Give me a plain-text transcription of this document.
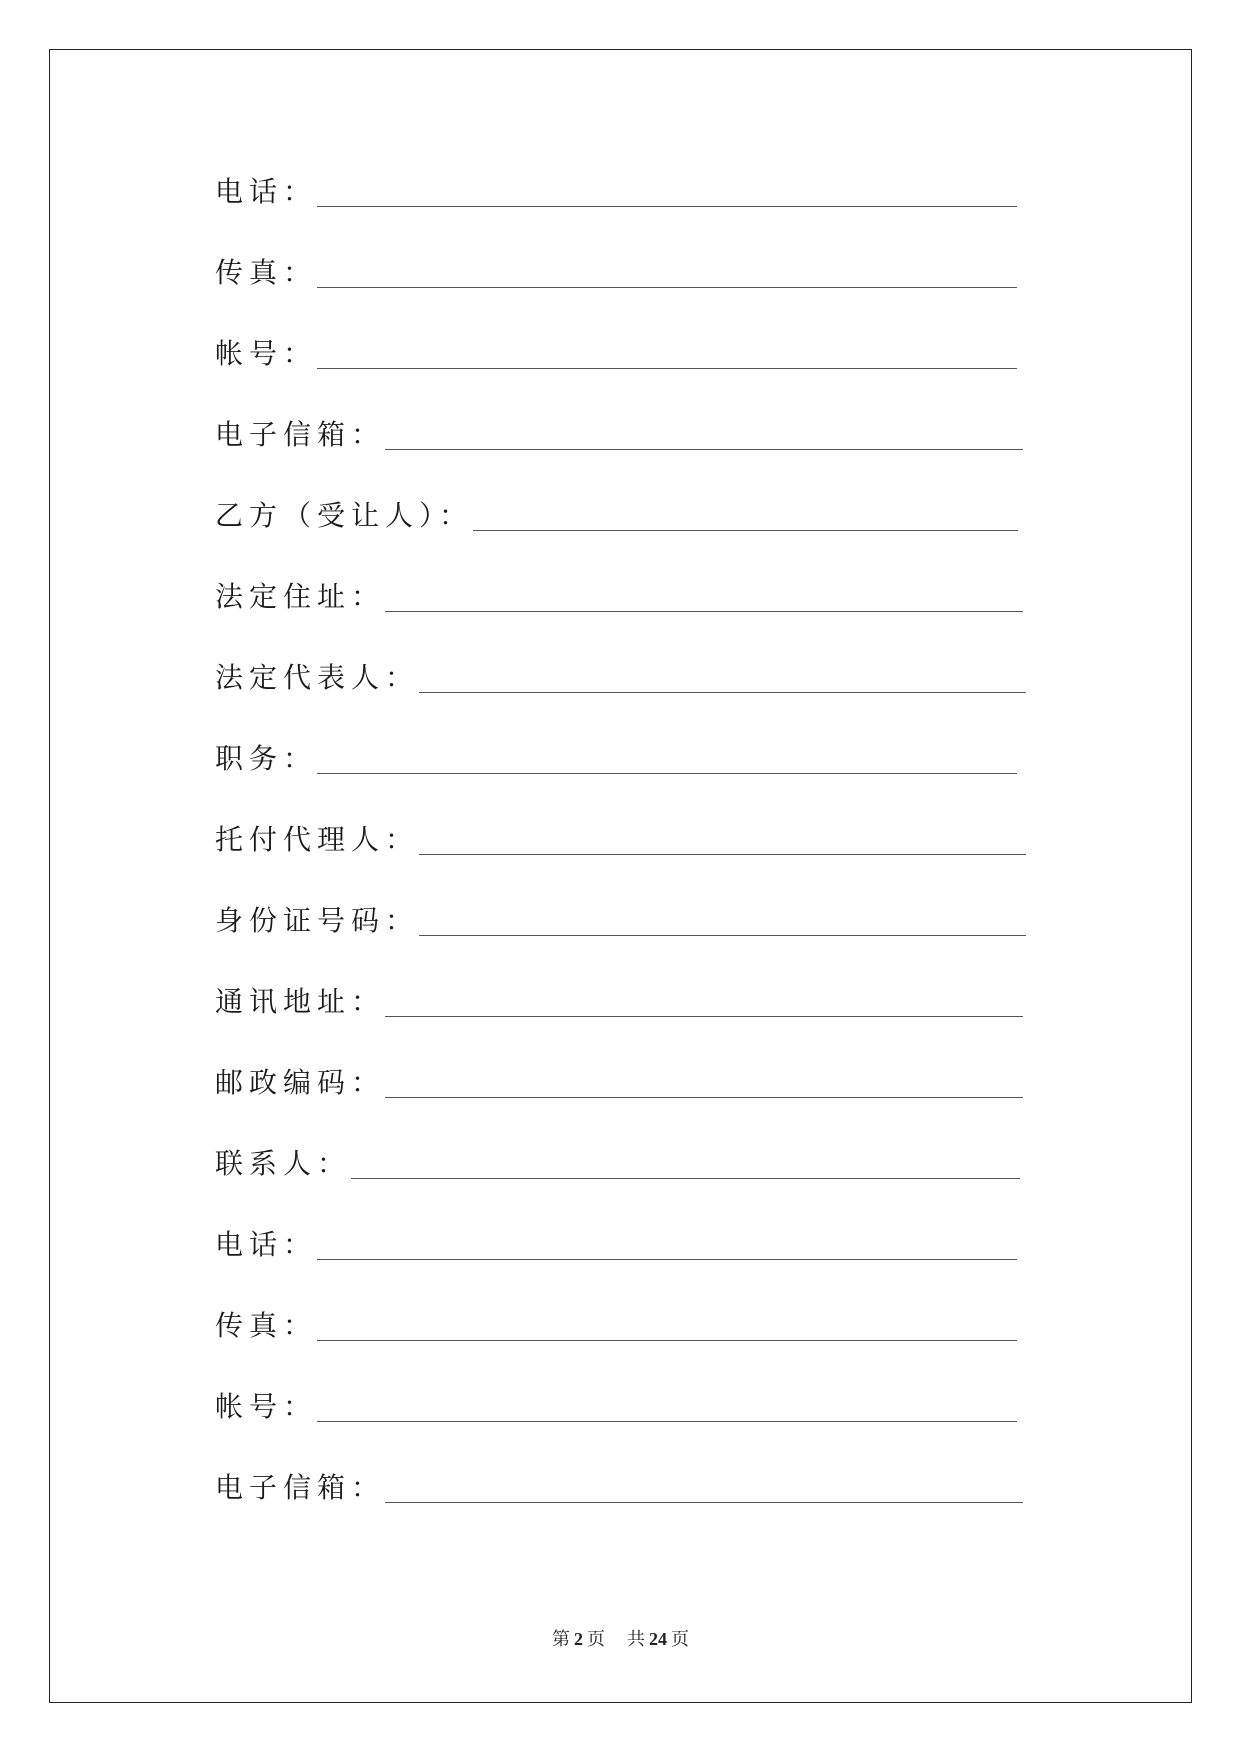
电话：
传真：
帐号：
电子信箱：
乙方（受让人）：
法定住址：
法定代表人：
职务：
托付代理人：
身份证号码：
通讯地址：
邮政编码：
联系人：
电话：
传真：
帐号：
电子信箱：
第 2 页 共 24 页
